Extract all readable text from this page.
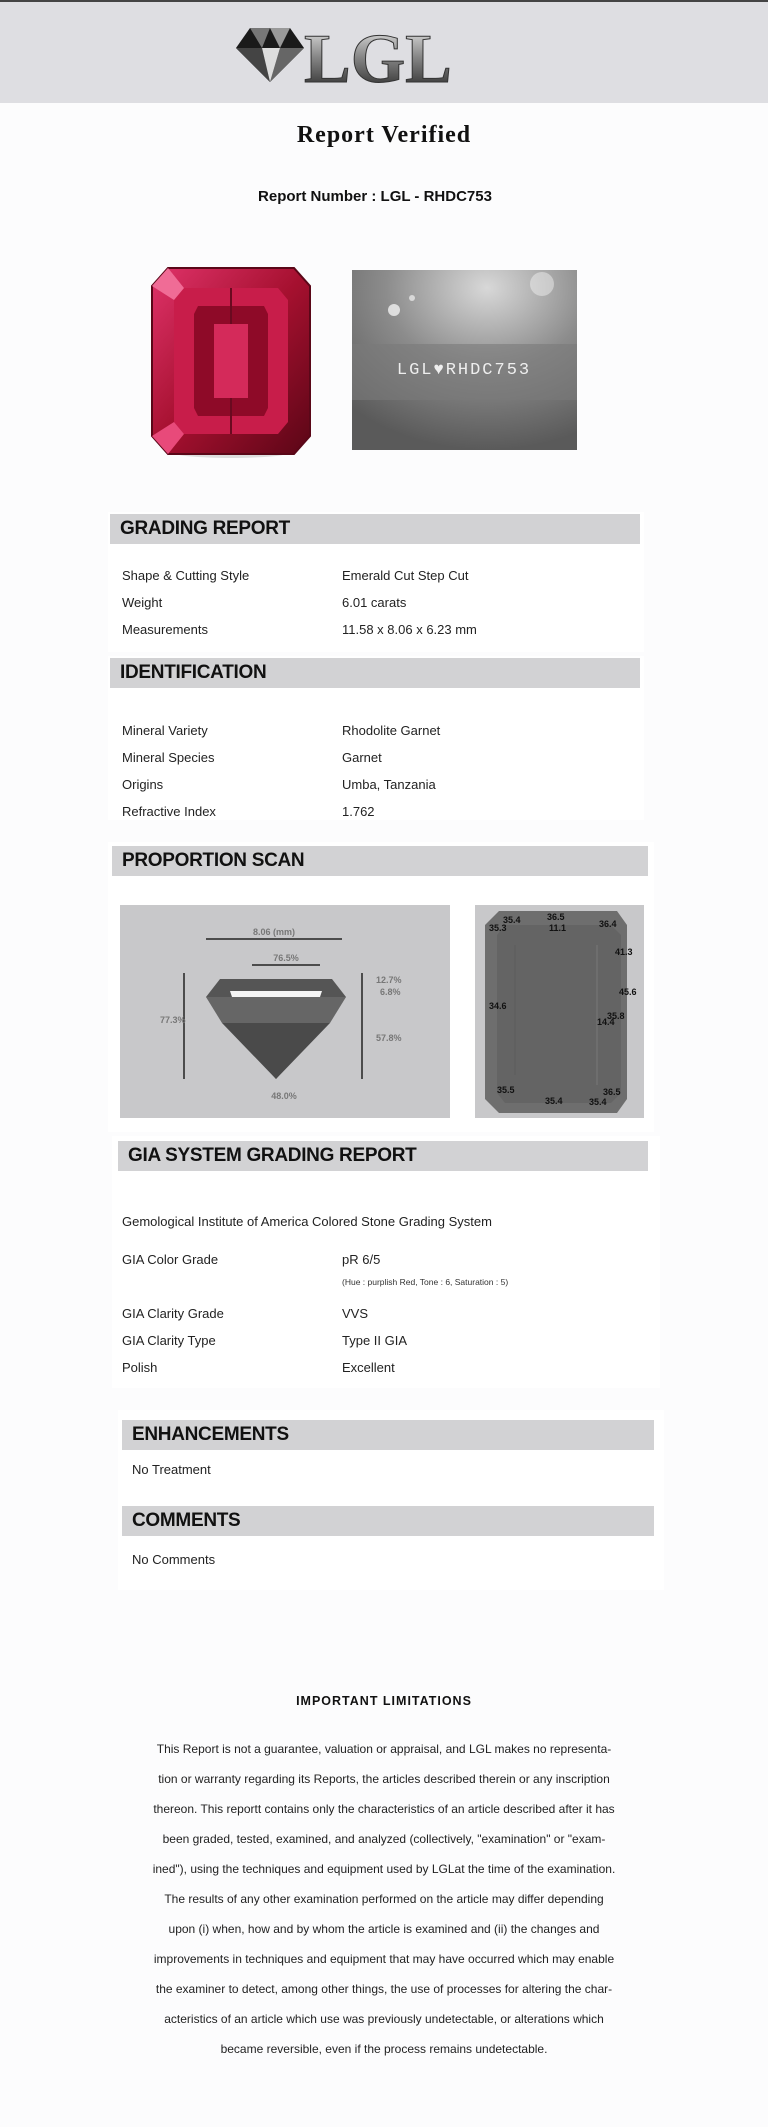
LGL
Report Verified
Report Number : LGL - RHDC753
LGL♥RHDC753
GRADING REPORT
Shape & Cutting Style	Emerald Cut Step Cut
Weight	6.01 carats
Measurements	11.58 x 8.06 x 6.23 mm
IDENTIFICATION
Mineral Variety	Rhodolite Garnet
Mineral Species	Garnet
Origins	Umba, Tanzania
Refractive Index	1.762
PROPORTION SCAN
8.06 (mm)
76.5%
77.3%
12.7%
6.8%
57.8%
48.0%
35.4	36.5
36.4
35.3	11.1
41.3
45.6
34.6
35.8
14.4
35.5
35.4
36.5
35.4
GIA SYSTEM GRADING REPORT
Gemological Institute of America Colored Stone Grading System
GIA Color Grade	pR 6/5
(Hue : purplish Red, Tone : 6, Saturation : 5)
GIA Clarity Grade	VVS
GIA Clarity Type	Type II GIA
Polish	Excellent
ENHANCEMENTS
No Treatment
COMMENTS
No Comments
IMPORTANT LIMITATIONS
This Report is not a guarantee, valuation or appraisal, and LGL makes no representa-
tion or warranty regarding its Reports, the articles described therein or any inscription
thereon. This reportt contains only the characteristics of an article described after it has
been graded, tested, examined, and analyzed (collectively, "examination" or "exam-
ined"), using the techniques and equipment used by LGLat the time of the examination.
The results of any other examination performed on the article may differ depending
upon (i) when, how and by whom the article is examined and (ii) the changes and
improvements in techniques and equipment that may have occurred which may enable
the examiner to detect, among other things, the use of processes for altering the char-
acteristics of an article which use was previously undetectable, or alterations which
became reversible, even if the process remains undetectable.
